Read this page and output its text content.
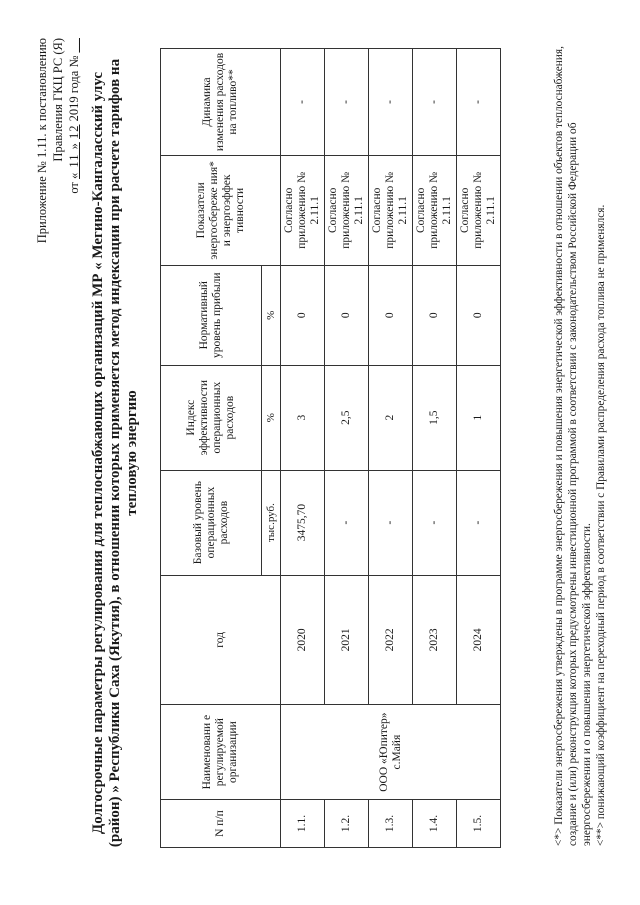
Приложение № 1.11. к постановлению Правления ГКЦ РС (Я)
от « 11 » 12 2019 года № __
Долгосрочные параметры регулирования для теплоснабжающих организаций МР « Мегино-Кангаласский улус (район) » Республики Саха (Якутия), в отношении которых применяется метод индексации при расчете тарифов на тепловую энергию
N п/п	Наименовани е регулируемой организации	год	Базовый уровень операционных расходов	Индекс эффективности операционных расходов	Нормативный уровень прибыли	Показатели энергосбереже ния* и энергоэффек тивности	Динамика изменения расходов на топливо**
			тыс.руб.	%	%		
1.1.	ООО «Юпитер» с.Майя	2020	3475,70	3	0	Согласно приложению № 2.11.1	-
1.2.		2021	-	2,5	0	Согласно приложению № 2.11.1	-
1.3.		2022	-	2	0	Согласно приложению № 2.11.1	-
1.4.		2023	-	1,5	0	Согласно приложению № 2.11.1	-
1.5.		2024	-	1	0	Согласно приложению № 2.11.1	-	<*> Показатели энергосбережения утверждены в программе энергосбережения и повышения энергетической эффективности в отношении объектов теплоснабжения, создание и (или) реконструкция которых предусмотрены инвестиционной программой в соответствии с законодательством Российской Федерации об энергосбережении и о повышении энергетической эффективности. <**> понижающий коэффициент на переходный период в соответствии с Правилами распределения расхода топлива не применялся.
